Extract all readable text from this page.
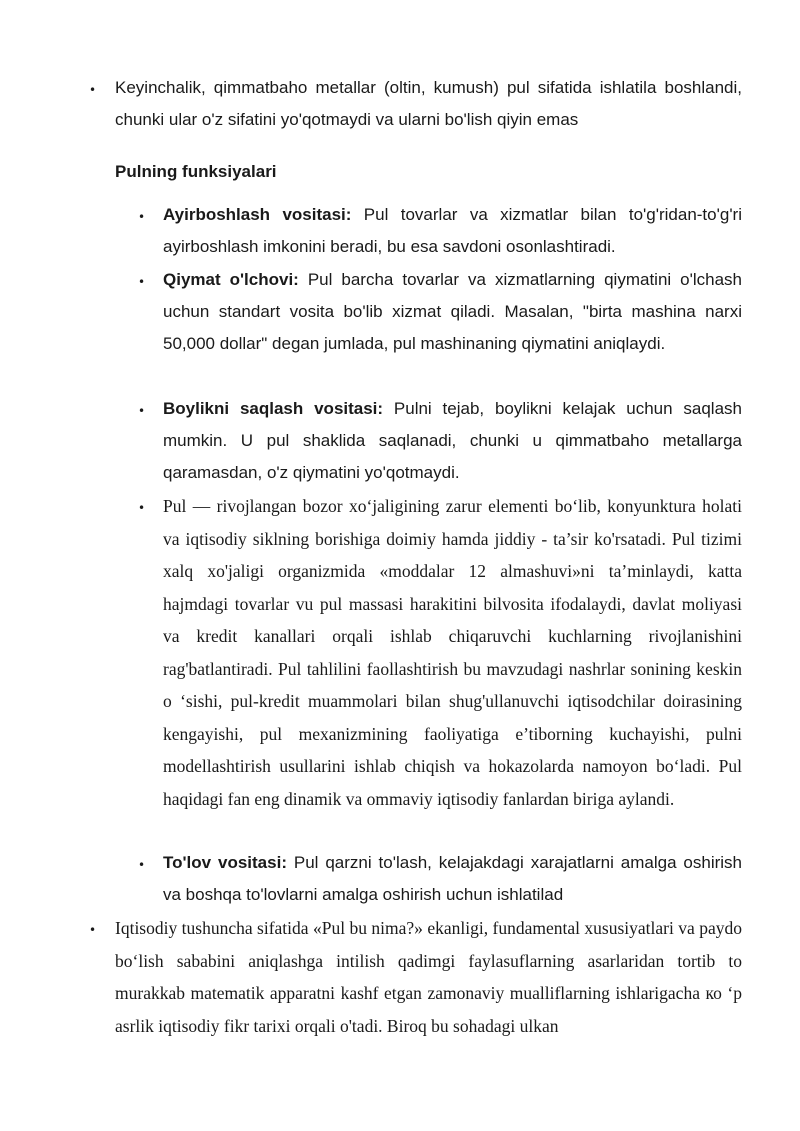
• Keyinchalik, qimmatbaho metallar (oltin, kumush) pul sifatida ishlatila boshlandi, chunki ular o'z sifatini yo'qotmaydi va ularni bo'lish qiyin emas
Pulning funksiyalari
• Ayirboshlash vositasi: Pul tovarlar va xizmatlar bilan to'g'ridan-to'g'ri ayirboshlash imkonini beradi, bu esa savdoni osonlashtiradi.
• Qiymat o'lchovi: Pul barcha tovarlar va xizmatlarning qiymatini o'lchash uchun standart vosita bo'lib xizmat qiladi. Masalan, "birta mashina narxi 50,000 dollar" degan jumlada, pul mashinaning qiymatini aniqlaydi.
• Boylikni saqlash vositasi: Pulni tejab, boylikni kelajak uchun saqlash mumkin. U pul shaklida saqlanadi, chunki u qimmatbaho metallarga qaramasdan, o'z qiymatini yo'qotmaydi.
• Pul — rivojlangan bozor xo‘jaligining zarur elementi bo‘lib, konyunktura holati va iqtisodiy siklning borishiga doimiy hamda jiddiy - ta’sir ko'rsatadi. Pul tizimi xalq xo'jaligi organizmida «moddalar 12 almashuvi»ni ta’minlaydi, katta hajmdagi tovarlar vu pul massasi harakitini bilvosita ifodalaydi, davlat moliyasi va kredit kanallari orqali ishlab chiqaruvchi kuchlarning rivojlanishini rag'batlantiradi. Pul tahlilini faollashtirish bu mavzudagi nashrlar sonining keskin o ‘sishi, pul-kredit muammolari bilan shug'ullanuvchi iqtisodchilar doirasining kengayishi, pul mexanizmining faoliyatiga e’tiborning kuchayishi, pulni modellashtirish usullarini ishlab chiqish va hokazolarda namoyon bo‘ladi. Pul haqidagi fan eng dinamik va ommaviy iqtisodiy fanlardan biriga aylandi.
• To'lov vositasi: Pul qarzni to'lash, kelajakdagi xarajatlarni amalga oshirish va boshqa to'lovlarni amalga oshirish uchun ishlatilad
• Iqtisodiy tushuncha sifatida «Pul bu nima?» ekanligi, fundamental xususiyatlari va paydo bo‘lish sababini aniqlashga intilish qadimgi faylasuflarning asarlaridan tortib to murakkab matematik apparatni kashf etgan zamonaviy mualliflarning ishlarigacha ко ‘p asrlik iqtisodiy fikr tarixi orqali o'tadi. Biroq bu sohadagi ulkan
